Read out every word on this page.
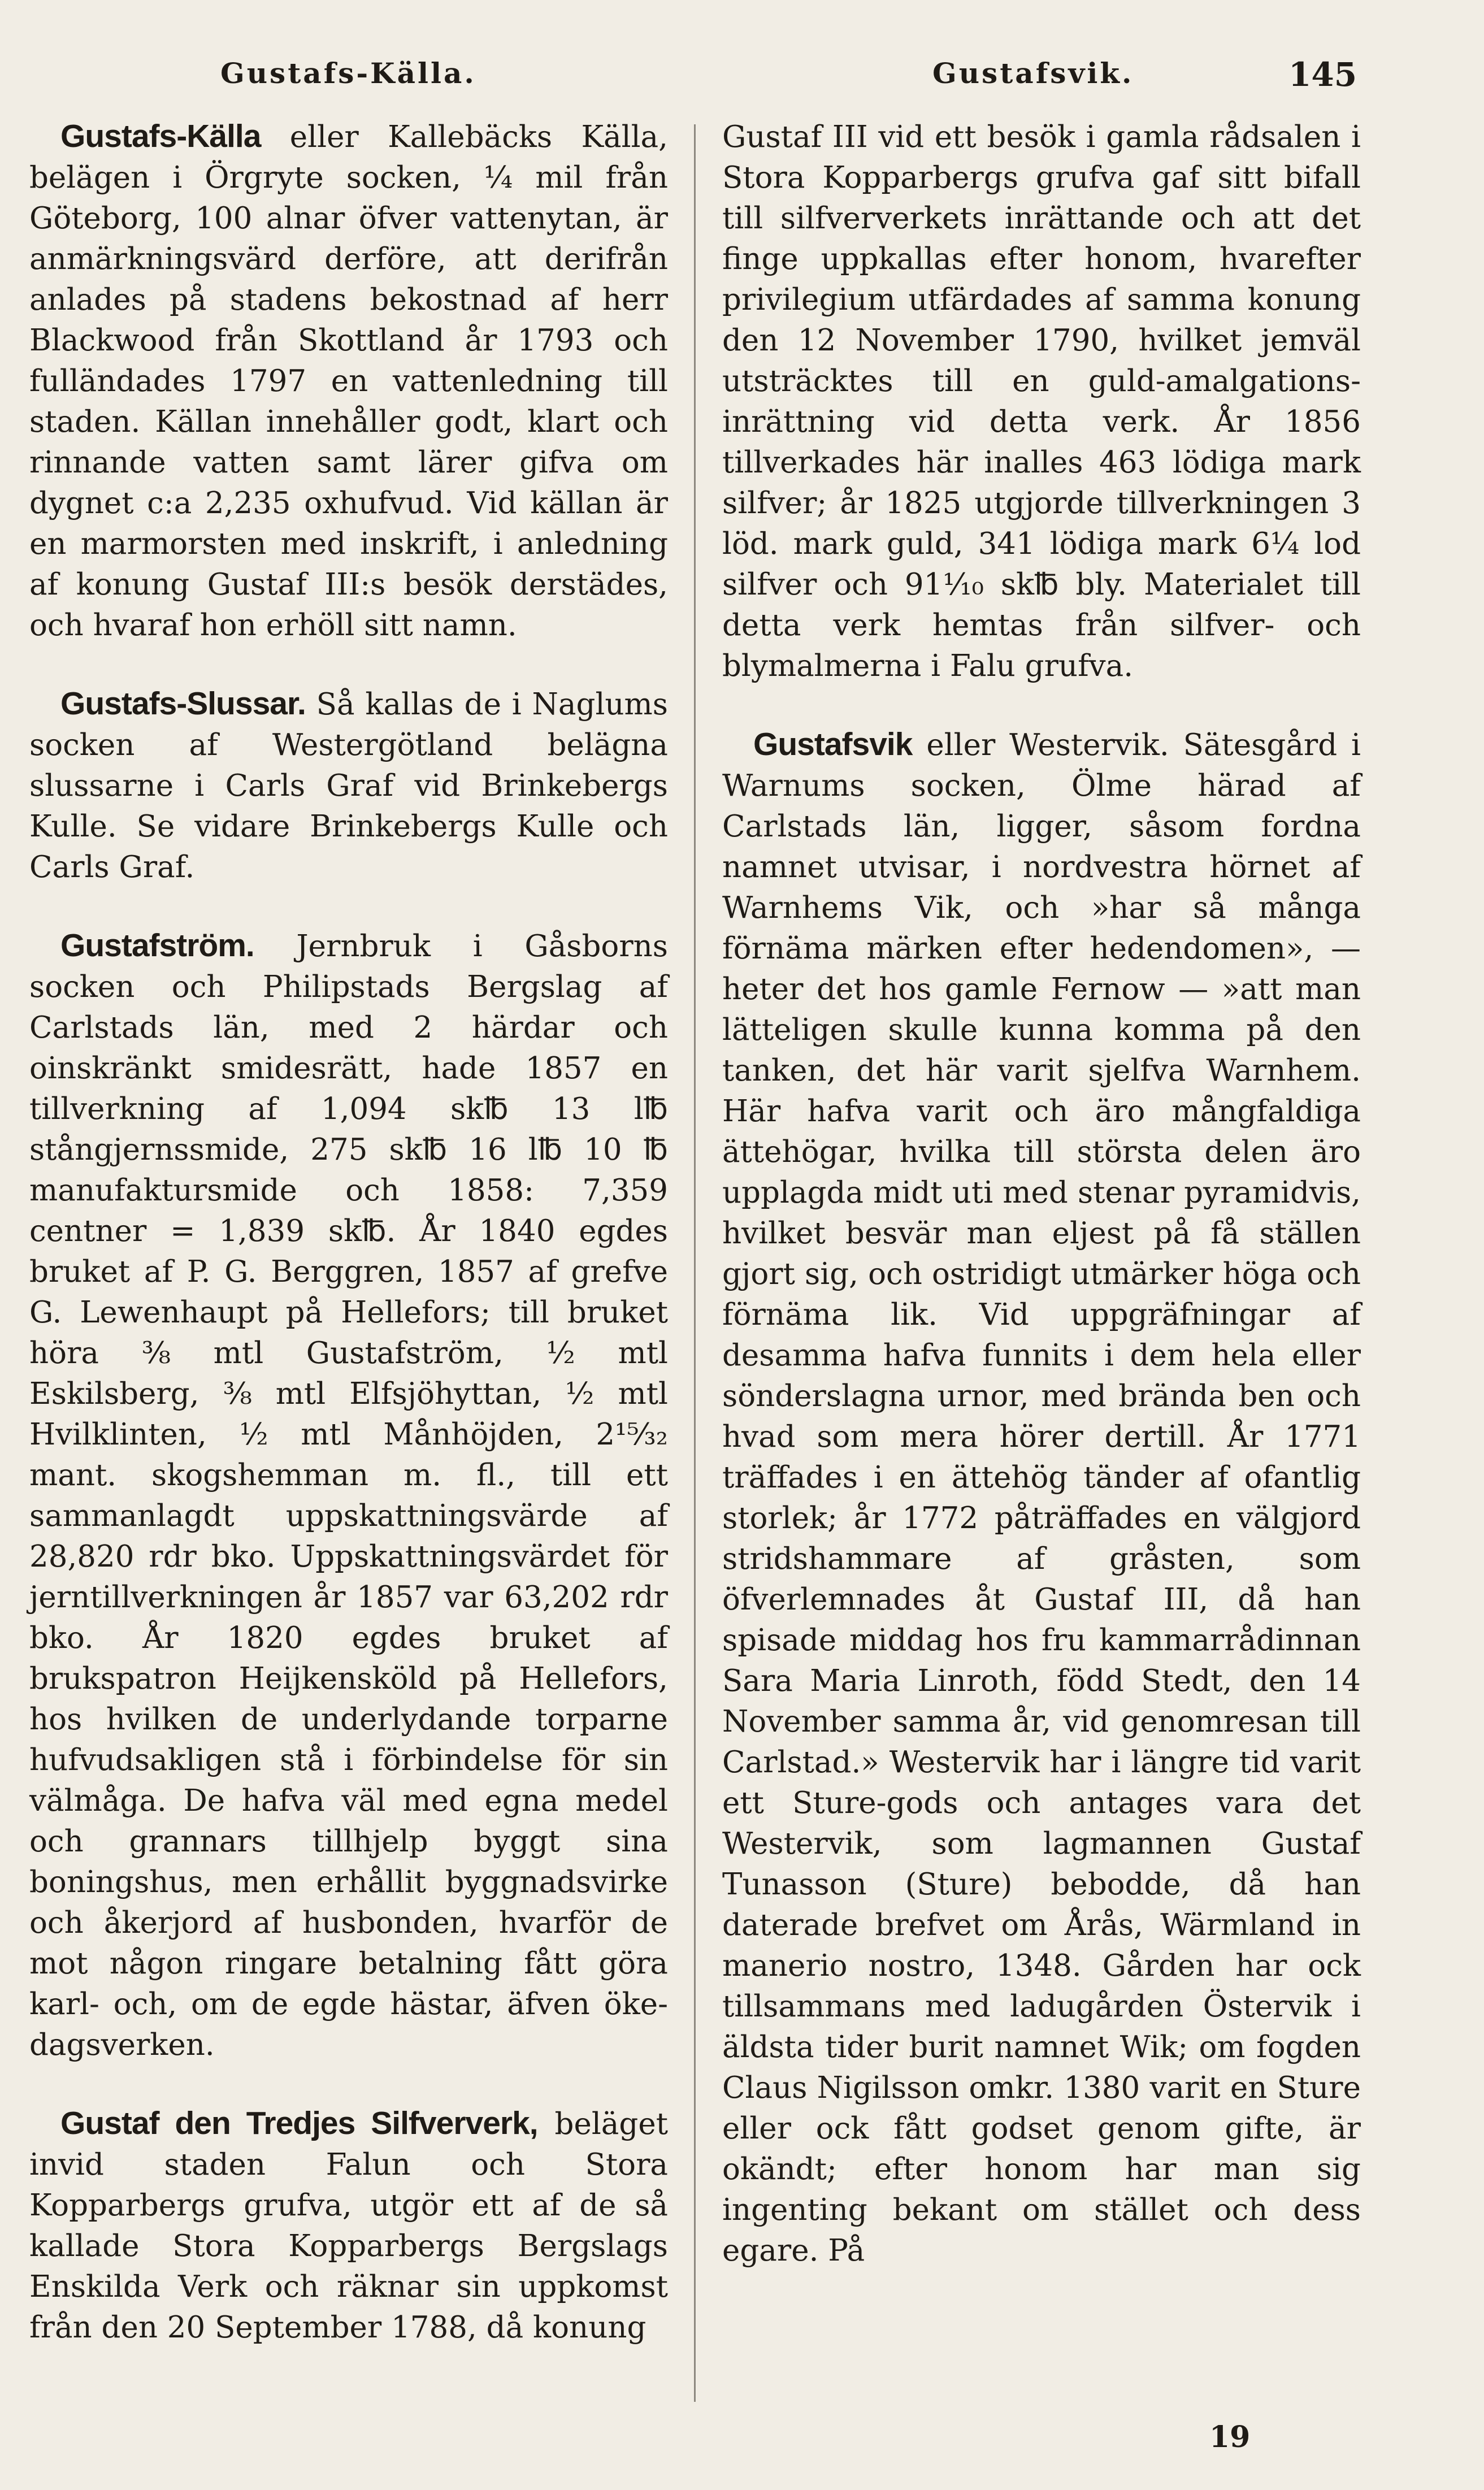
Gustafs-Källa.	Gustafsvik.	145

Gustafs-Källa eller Kallebäcks Källa, belägen i Örgryte socken, ¼ mil från Göteborg, 100 alnar öfver vattenytan, är anmärkningsvärd derföre, att derifrån anlades på stadens bekostnad af herr Blackwood från Skottland år 1793 och fulländades 1797 en vattenledning till staden. Källan innehåller godt, klart och rinnande vatten samt lärer gifva om dygnet c:a 2,235 oxhufvud. Vid källan är en marmorsten med inskrift, i anledning af konung Gustaf III:s besök derstädes, och hvaraf hon erhöll sitt namn.

Gustafs-Slussar. Så kallas de i Naglums socken af Westergötland belägna slussarne i Carls Graf vid Brinkebergs Kulle. Se vidare Brinkebergs Kulle och Carls Graf.

Gustafström. Jernbruk i Gåsborns socken och Philipstads Bergslag af Carlstads län, med 2 härdar och oinskränkt smidesrätt, hade 1857 en tillverkning af 1,094 sk℔ 13 l℔ stångjernssmide, 275 sk℔ 16 l℔ 10 ℔ manufaktursmide och 1858: 7,359 centner = 1,839 sk℔. År 1840 egdes bruket af P. G. Berggren, 1857 af grefve G. Lewenhaupt på Hellefors; till bruket höra ⅜ mtl Gustafström, ½ mtl Eskilsberg, ⅜ mtl Elfsjöhyttan, ½ mtl Hvilklinten, ½ mtl Månhöjden, 2¹⁵⁄₃₂ mant. skogshemman m. fl., till ett sammanlagdt uppskattningsvärde af 28,820 rdr bko. Uppskattningsvärdet för jerntillverkningen år 1857 var 63,202 rdr bko. År 1820 egdes bruket af brukspatron Heijkensköld på Hellefors, hos hvilken de underlydande torparne hufvudsakligen stå i förbindelse för sin välmåga. De hafva väl med egna medel och grannars tillhjelp byggt sina boningshus, men erhållit byggnadsvirke och åkerjord af husbonden, hvarför de mot någon ringare betalning fått göra karl- och, om de egde hästar, äfven öke-dagsverken.

Gustaf den Tredjes Silfververk, beläget invid staden Falun och Stora Kopparbergs grufva, utgör ett af de så kallade Stora Kopparbergs Bergslags Enskilda Verk och räknar sin uppkomst från den 20 September 1788, då konung

Gustaf III vid ett besök i gamla rådsalen i Stora Kopparbergs grufva gaf sitt bifall till silfververkets inrättande och att det finge uppkallas efter honom, hvarefter privilegium utfärdades af samma konung den 12 November 1790, hvilket jemväl utsträcktes till en guld-amalgations-inrättning vid detta verk. År 1856 tillverkades här inalles 463 lödiga mark silfver; år 1825 utgjorde tillverkningen 3 löd. mark guld, 341 lödiga mark 6¼ lod silfver och 91¹⁄₁₀ sk℔ bly. Materialet till detta verk hemtas från silfver- och blymalmerna i Falu grufva.

Gustafsvik eller Westervik. Sätesgård i Warnums socken, Ölme härad af Carlstads län, ligger, såsom fordna namnet utvisar, i nordvestra hörnet af Warnhems Vik, och »har så många förnäma märken efter hedendomen», — heter det hos gamle Fernow — »att man lätteligen skulle kunna komma på den tanken, det här varit sjelfva Warnhem. Här hafva varit och äro mångfaldiga ättehögar, hvilka till största delen äro upplagda midt uti med stenar pyramidvis, hvilket besvär man eljest på få ställen gjort sig, och ostridigt utmärker höga och förnäma lik. Vid uppgräfningar af desamma hafva funnits i dem hela eller sönderslagna urnor, med brända ben och hvad som mera hörer dertill. År 1771 träffades i en ättehög tänder af ofantlig storlek; år 1772 påträffades en välgjord stridshammare af gråsten, som öfverlemnades åt Gustaf III, då han spisade middag hos fru kammarrådinnan Sara Maria Linroth, född Stedt, den 14 November samma år, vid genomresan till Carlstad.» Westervik har i längre tid varit ett Sture-gods och antages vara det Westervik, som lagmannen Gustaf Tunasson (Sture) bebodde, då han daterade brefvet om Årås, Wärmland in manerio nostro, 1348. Gården har ock tillsammans med ladugården Östervik i äldsta tider burit namnet Wik; om fogden Claus Nigilsson omkr. 1380 varit en Sture eller ock fått godset genom gifte, är okändt; efter honom har man sig ingenting bekant om stället och dess egare. På

19
